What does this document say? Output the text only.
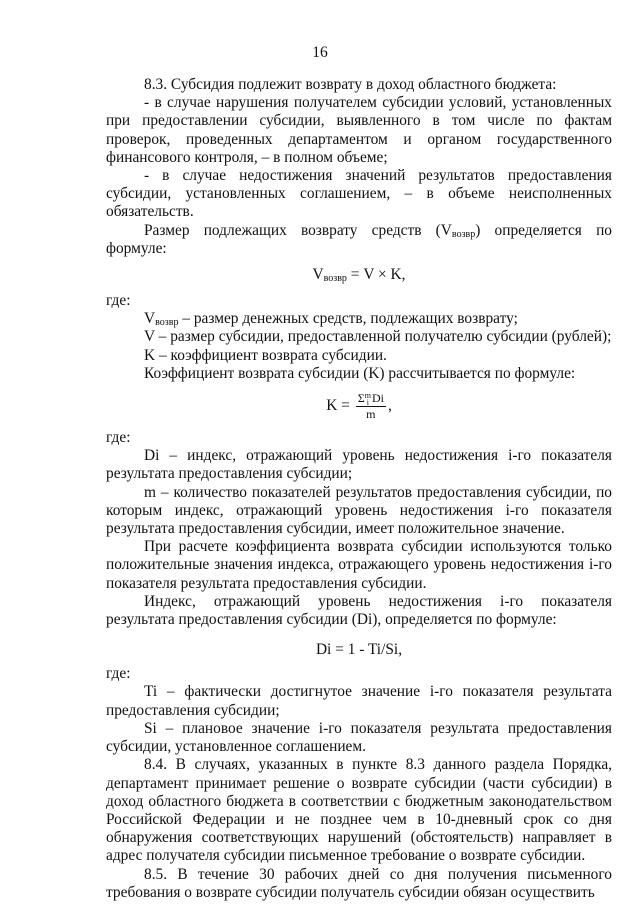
16

8.3. Субсидия подлежит возврату в доход областного бюджета:

- в случае нарушения получателем субсидии условий, установленных при предоставлении субсидии, выявленного в том числе по фактам проверок, проведенных департаментом и органом государственного финансового контроля, – в полном объеме;

- в случае недостижения значений результатов предоставления субсидии, установленных соглашением, – в объеме неисполненных обязательств.

Размер подлежащих возврату средств $(V_{возвр})$ определяется по формуле:

$V_{возвр} = V \times K$,

где:

$V_{возвр}$ – размер денежных средств, подлежащих возврату;

V – размер субсидии, предоставленной получателю субсидии (рублей);

K – коэффициент возврата субсидии.

Коэффициент возврата субсидии (K) рассчитывается по формуле:

K =
Σ m
i Di
m ,

где:

Di – индекс, отражающий уровень недостижения i-го показателя результата предоставления субсидии;

m – количество показателей результатов предоставления субсидии, по которым индекс, отражающий уровень недостижения i-го показателя результата предоставления субсидии, имеет положительное значение.

При расчете коэффициента возврата субсидии используются только положительные значения индекса, отражающего уровень недостижения i-го показателя результата предоставления субсидии.

Индекс, отражающий уровень недостижения i-го показателя результата предоставления субсидии (Di), определяется по формуле:

Di = 1 - Ti/Si,

где:

Ti – фактически достигнутое значение i-го показателя результата предоставления субсидии;

Si – плановое значение i-го показателя результата предоставления субсидии, установленное соглашением.

8.4. В случаях, указанных в пункте 8.3 данного раздела Порядка, департамент принимает решение о возврате субсидии (части субсидии) в доход областного бюджета в соответствии с бюджетным законодательством Российской Федерации и не позднее чем в 10-дневный срок со дня обнаружения соответствующих нарушений (обстоятельств) направляет в адрес получателя субсидии письменное требование о возврате субсидии.

8.5. В течение 30 рабочих дней со дня получения письменного требования о возврате субсидии получатель субсидии обязан осуществить
